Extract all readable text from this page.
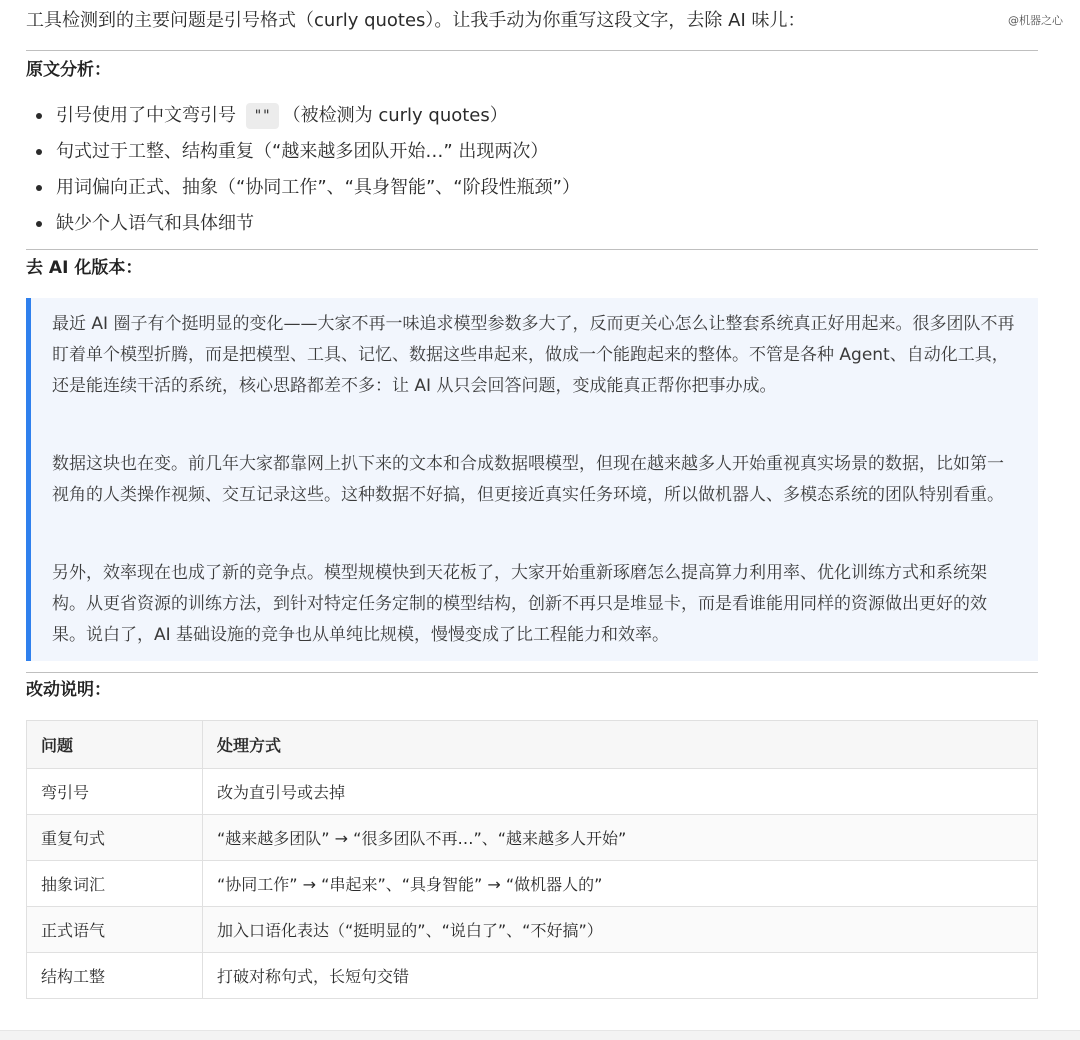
@机器之心
工具检测到的主要问题是引号格式（curly quotes）。让我手动为你重写这段文字，去除 AI 味儿：
原文分析：
引号使用了中文弯引号 "" （被检测为 curly quotes）
句式过于工整、结构重复（“越来越多团队开始…” 出现两次）
用词偏向正式、抽象（“协同工作”、“具身智能”、“阶段性瓶颈”）
缺少个人语气和具体细节
去 AI 化版本：

最近 AI 圈子有个挺明显的变化——大家不再一味追求模型参数多大了，反而更关心怎么让整套系统真正好用起来。很多团队不再盯着单个模型折腾，而是把模型、工具、记忆、数据这些串起来，做成一个能跑起来的整体。不管是各种 Agent、自动化工具，还是能连续干活的系统，核心思路都差不多：让 AI 从只会回答问题，变成能真正帮你把事办成。

数据这块也在变。前几年大家都靠网上扒下来的文本和合成数据喂模型，但现在越来越多人开始重视真实场景的数据，比如第一视角的人类操作视频、交互记录这些。这种数据不好搞，但更接近真实任务环境，所以做机器人、多模态系统的团队特别看重。

另外，效率现在也成了新的竞争点。模型规模快到天花板了，大家开始重新琢磨怎么提高算力利用率、优化训练方式和系统架构。从更省资源的训练方法，到针对特定任务定制的模型结构，创新不再只是堆显卡，而是看谁能用同样的资源做出更好的效果。说白了，AI 基础设施的竞争也从单纯比规模，慢慢变成了比工程能力和效率。

改动说明：
问题	处理方式
弯引号	改为直引号或去掉
重复句式	“越来越多团队” → “很多团队不再…”、“越来越多人开始”
抽象词汇	“协同工作” → “串起来”、“具身智能” → “做机器人的”
正式语气	加入口语化表达（“挺明显的”、“说白了”、“不好搞”）
结构工整	打破对称句式，长短句交错
